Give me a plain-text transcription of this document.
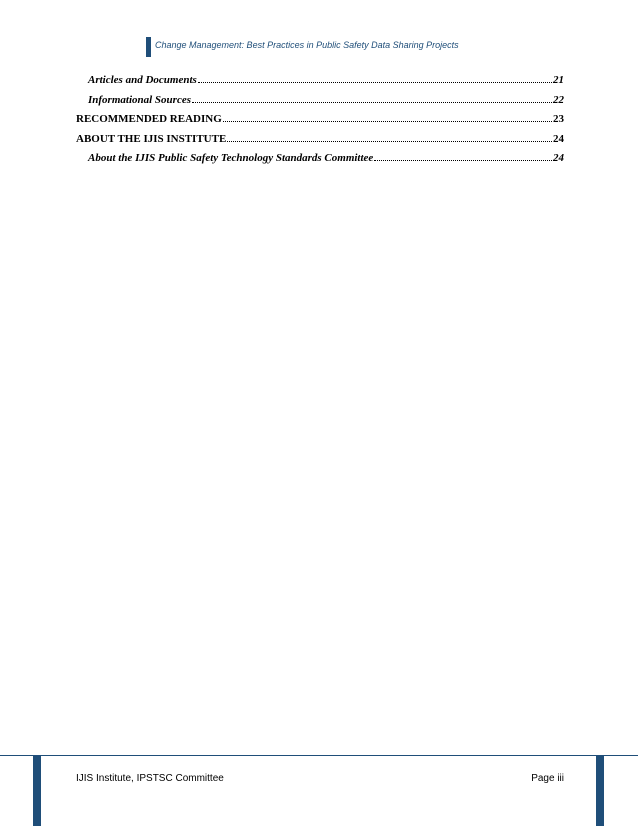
Change Management: Best Practices in Public Safety Data Sharing Projects
Articles and Documents	21
Informational Sources	22
RECOMMENDED READING	23
ABOUT THE IJIS INSTITUTE	24
About the IJIS Public Safety Technology Standards Committee	24
IJIS Institute, IPSTSC Committee	Page iii
